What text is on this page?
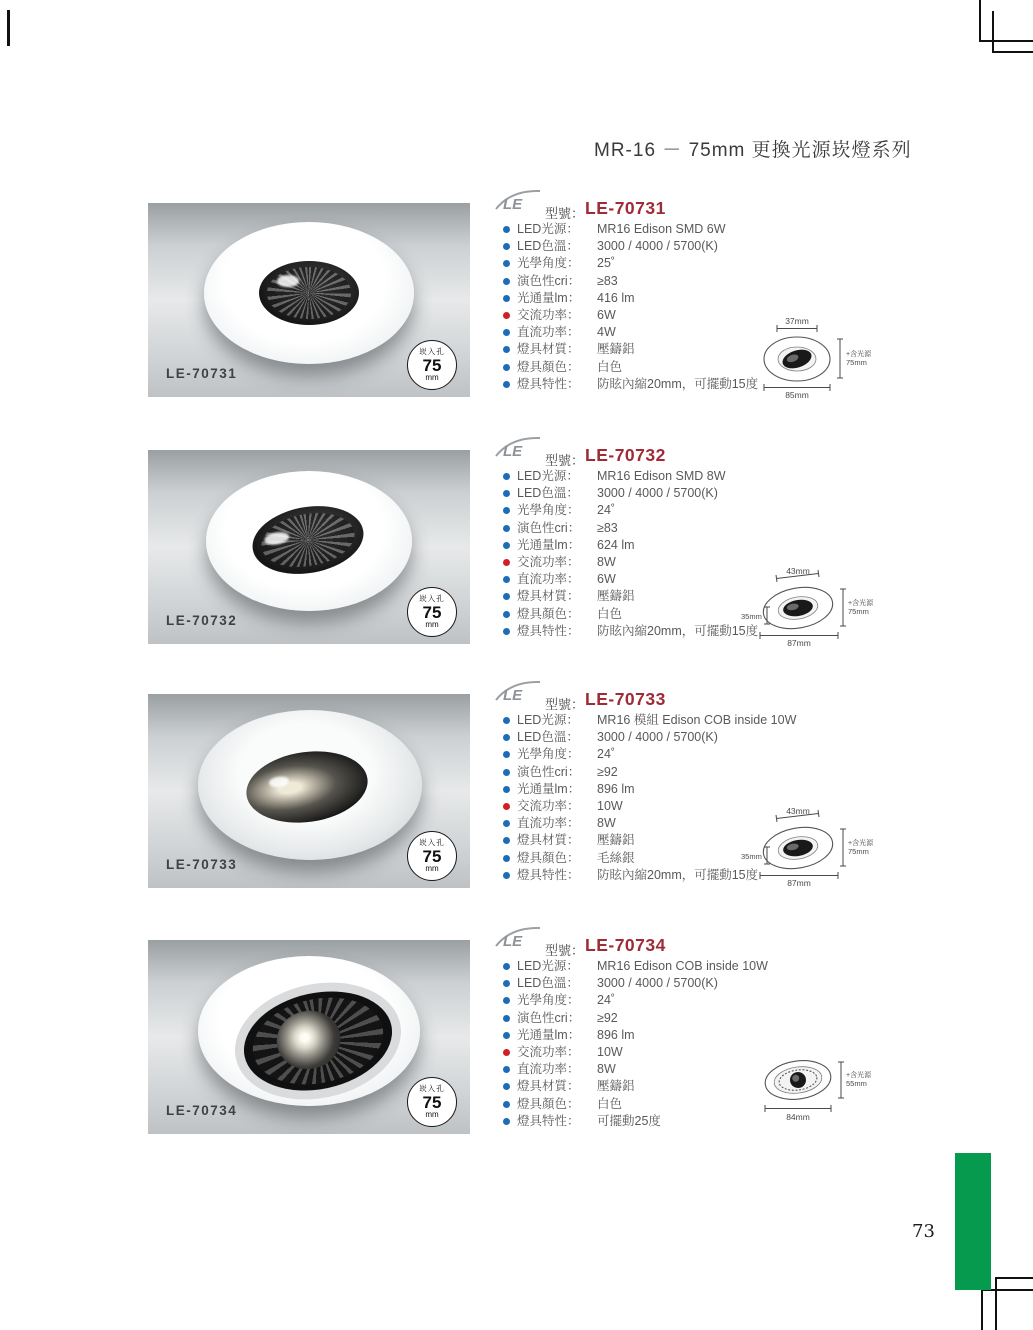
MR-16 － 75mm 更換光源崁燈系列
LE-70731
崁入孔
75
mm
LE
型號： LE-70731
LED光源： MR16 Edison SMD 6W
LED色溫： 3000 / 4000 / 5700(K)
光學角度： 25˚
演色性cri： ≥83
光通量lm： 416 lm
交流功率： 6W
直流功率： 4W
燈具材質： 壓鑄鋁
燈具顏色： 白色
燈具特性： 防眩內縮20mm，可擺動15度
37mm
85mm
+含光源
75mm
LE-70732
崁入孔
75
mm
LE
型號： LE-70732
LED光源： MR16 Edison SMD 8W
LED色溫： 3000 / 4000 / 5700(K)
光學角度： 24˚
演色性cri： ≥83
光通量lm： 624 lm
交流功率： 8W
直流功率： 6W
燈具材質： 壓鑄鋁
燈具顏色： 白色
燈具特性： 防眩內縮20mm，可擺動15度
43mm
35mm
87mm
+含光源
75mm
LE-70733
崁入孔
75
mm
LE
型號： LE-70733
LED光源： MR16 模組 Edison COB inside 10W
LED色溫： 3000 / 4000 / 5700(K)
光學角度： 24˚
演色性cri： ≥92
光通量lm： 896 lm
交流功率： 10W
直流功率： 8W
燈具材質： 壓鑄鋁
燈具顏色： 毛絲銀
燈具特性： 防眩內縮20mm，可擺動15度
43mm
35mm
87mm
+含光源
75mm
LE-70734
崁入孔
75
mm
LE
型號： LE-70734
LED光源： MR16 Edison COB inside 10W
LED色溫： 3000 / 4000 / 5700(K)
光學角度： 24˚
演色性cri： ≥92
光通量lm： 896 lm
交流功率： 10W
直流功率： 8W
燈具材質： 壓鑄鋁
燈具顏色： 白色
燈具特性： 可擺動25度	84mm
+含光源
55mm
73
